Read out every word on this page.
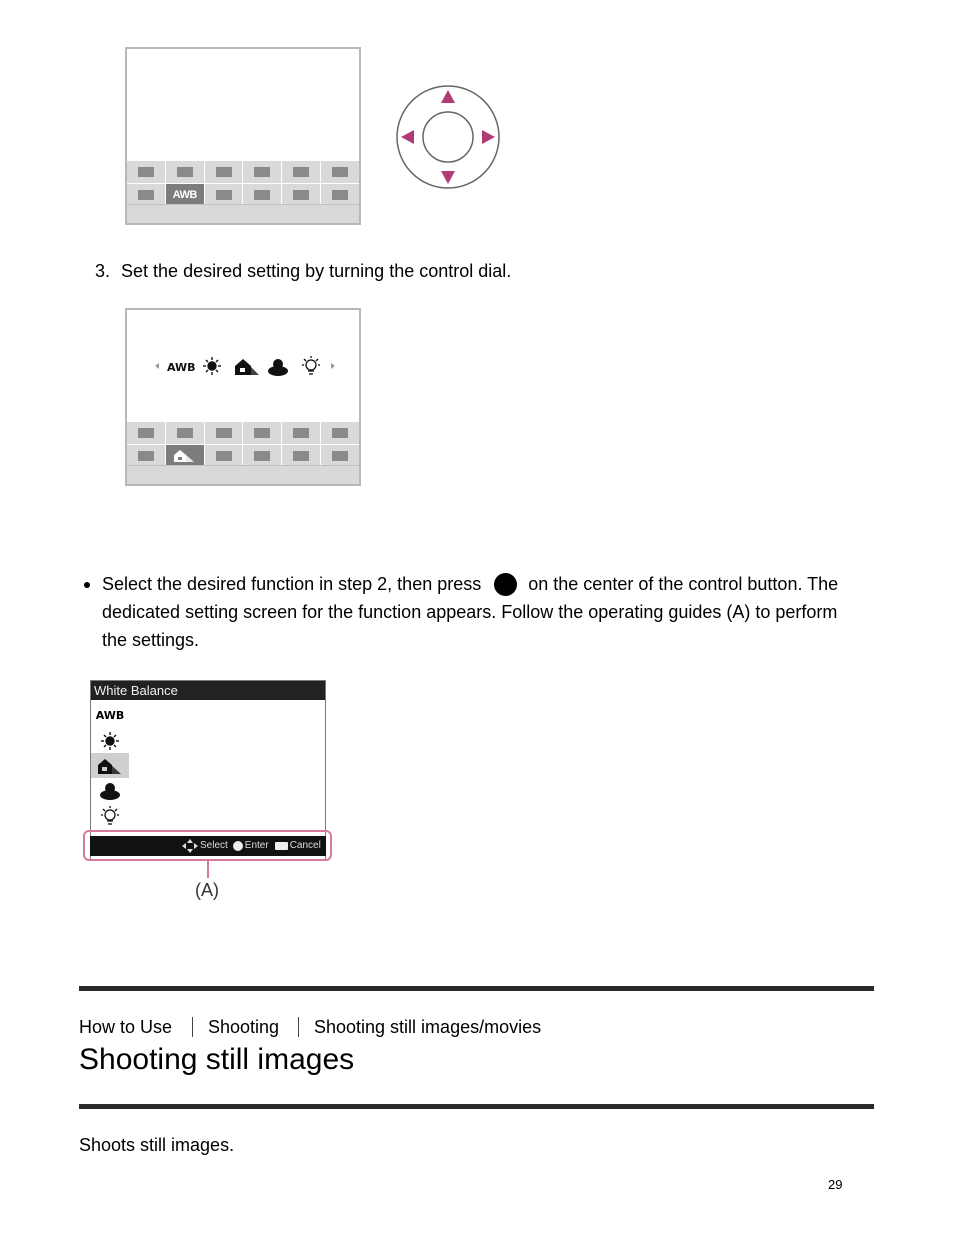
AWB
3. Set the desired setting by turning the control dial.
AWB
Select the desired function in step 2, then press	on the center of the control button. The
dedicated setting screen for the function appears. Follow the operating guides (A) to perform
the settings.
White Balance
AWB
Select Enter Cancel
(A)
How to Use Shooting Shooting still images/movies
Shooting still images
Shoots still images.
29
